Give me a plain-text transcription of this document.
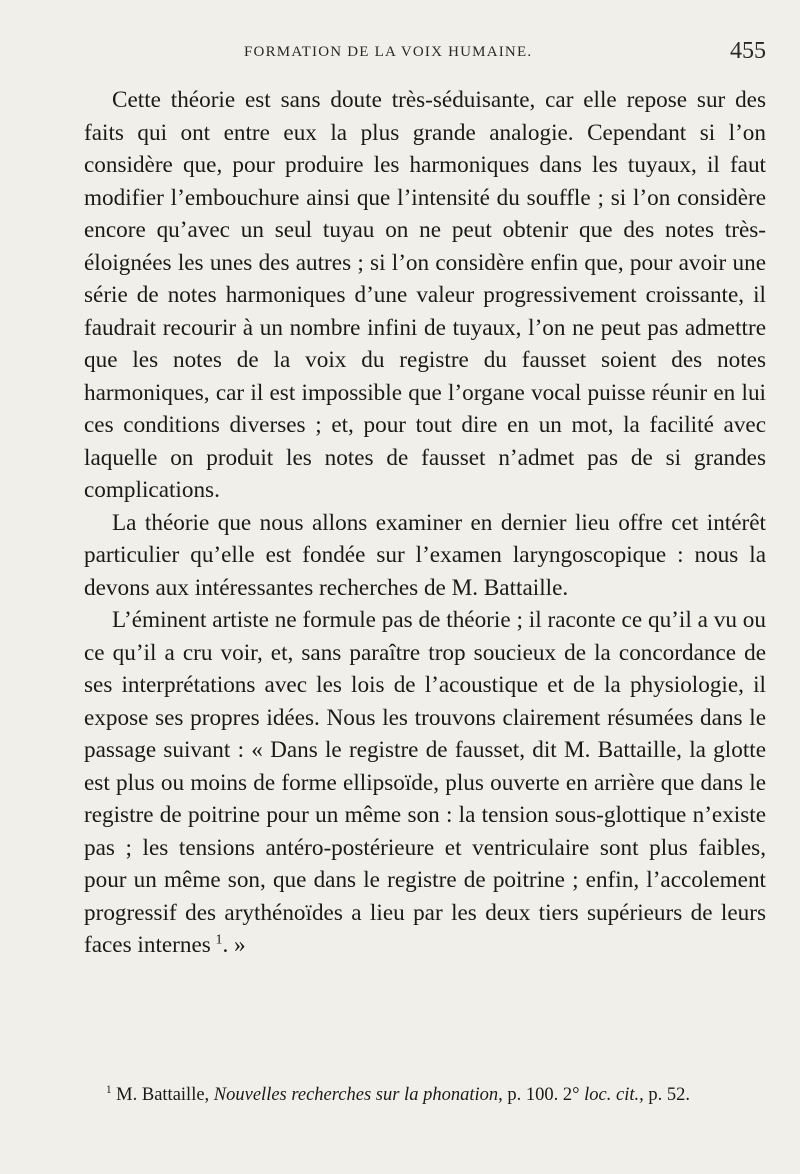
FORMATION DE LA VOIX HUMAINE.	455

Cette théorie est sans doute très-séduisante, car elle repose sur des faits qui ont entre eux la plus grande analogie. Cependant si l’on considère que, pour produire les harmoniques dans les tuyaux, il faut modifier l’embouchure ainsi que l’intensité du souffle ; si l’on considère encore qu’avec un seul tuyau on ne peut obtenir que des notes très-éloignées les unes des autres ; si l’on considère enfin que, pour avoir une série de notes harmoniques d’une valeur progressivement croissante, il faudrait recourir à un nombre infini de tuyaux, l’on ne peut pas admettre que les notes de la voix du registre du fausset soient des notes harmoniques, car il est impossible que l’organe vocal puisse réunir en lui ces conditions diverses ; et, pour tout dire en un mot, la facilité avec laquelle on produit les notes de fausset n’admet pas de si grandes complications.

La théorie que nous allons examiner en dernier lieu offre cet intérêt particulier qu’elle est fondée sur l’examen laryngoscopique : nous la devons aux intéressantes recherches de M. Battaille.

L’éminent artiste ne formule pas de théorie ; il raconte ce qu’il a vu ou ce qu’il a cru voir, et, sans paraître trop soucieux de la concordance de ses interprétations avec les lois de l’acoustique et de la physiologie, il expose ses propres idées. Nous les trouvons clairement résumées dans le passage suivant : « Dans le registre de fausset, dit M. Battaille, la glotte est plus ou moins de forme ellipsoïde, plus ouverte en arrière que dans le registre de poitrine pour un même son : la tension sous-glottique n’existe pas ; les tensions antéro-postérieure et ventriculaire sont plus faibles, pour un même son, que dans le registre de poitrine ; enfin, l’accolement progressif des arythénoïdes a lieu par les deux tiers supérieurs de leurs faces internes  $^1$. »

$^1$ M. Battaille, Nouvelles recherches sur la phonation, p. 100. 2° loc. cit., p. 52.
